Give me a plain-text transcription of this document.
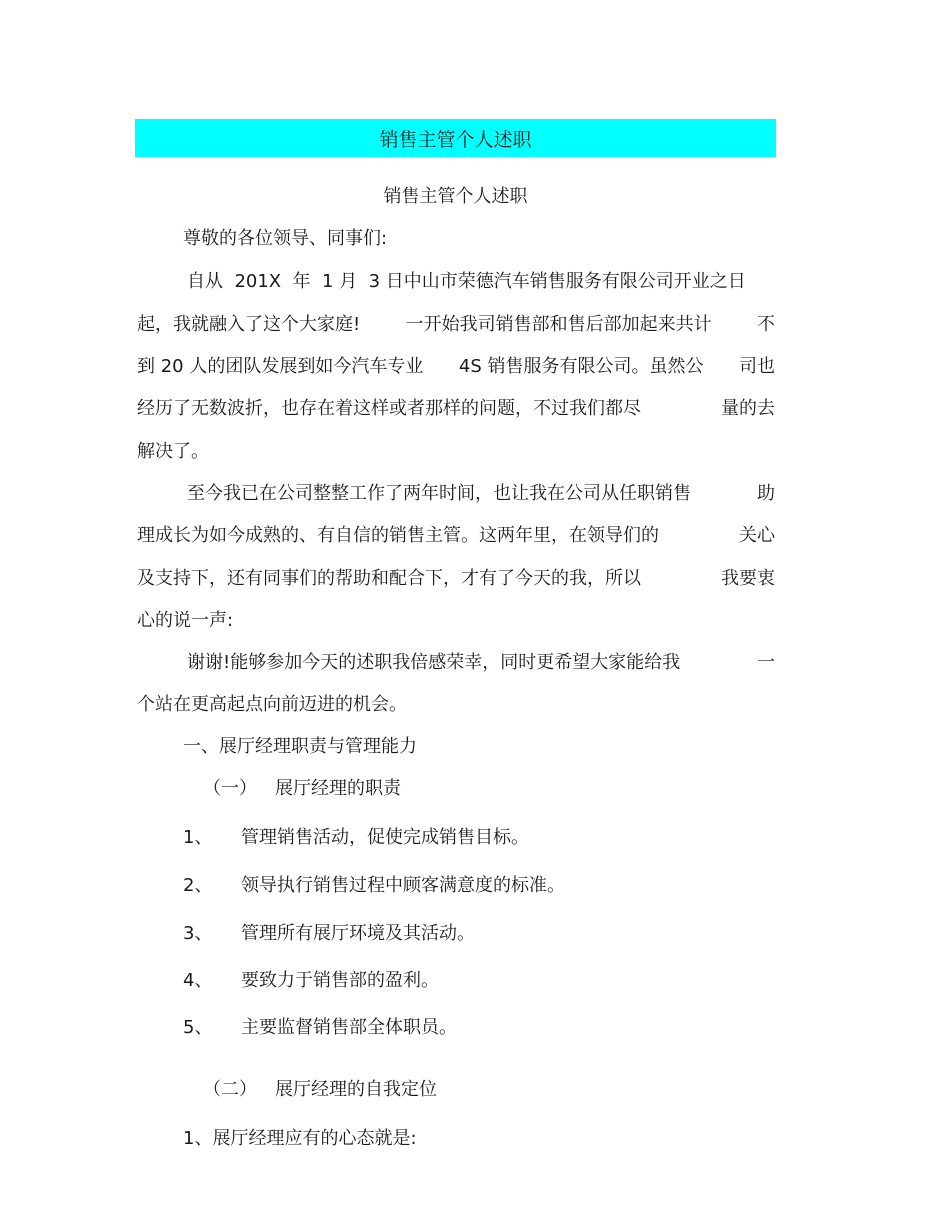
销售主管个人述职
销售主管个人述职
尊敬的各位领导、同事们:
自从  201X  年  1 月  3 日中山市荣德汽车销售服务有限公司开业之日
起，我就融入了这个大家庭!	一开始我司销售部和售后部加起来共计	不
到 20 人的团队发展到如今汽车专业 4S 销售服务有限公司。虽然公 司也
经历了无数波折，也存在着这样或者那样的问题，不过我们都尽	量的去
解决了。
至今我已在公司整整工作了两年时间，也让我在公司从任职销售	助
理成长为如今成熟的、有自信的销售主管。这两年里，在领导们的	关心
及支持下，还有同事们的帮助和配合下，才有了今天的我，所以	我要衷
心的说一声:
谢谢!能够参加今天的述职我倍感荣幸，同时更希望大家能给我	一
个站在更高起点向前迈进的机会。
一、展厅经理职责与管理能力
（一） 展厅经理的职责
1、 管理销售活动，促使完成销售目标。
2、 领导执行销售过程中顾客满意度的标准。
3、 管理所有展厅环境及其活动。
4、 要致力于销售部的盈利。
5、 主要监督销售部全体职员。
（二） 展厅经理的自我定位
1、展厅经理应有的心态就是:
